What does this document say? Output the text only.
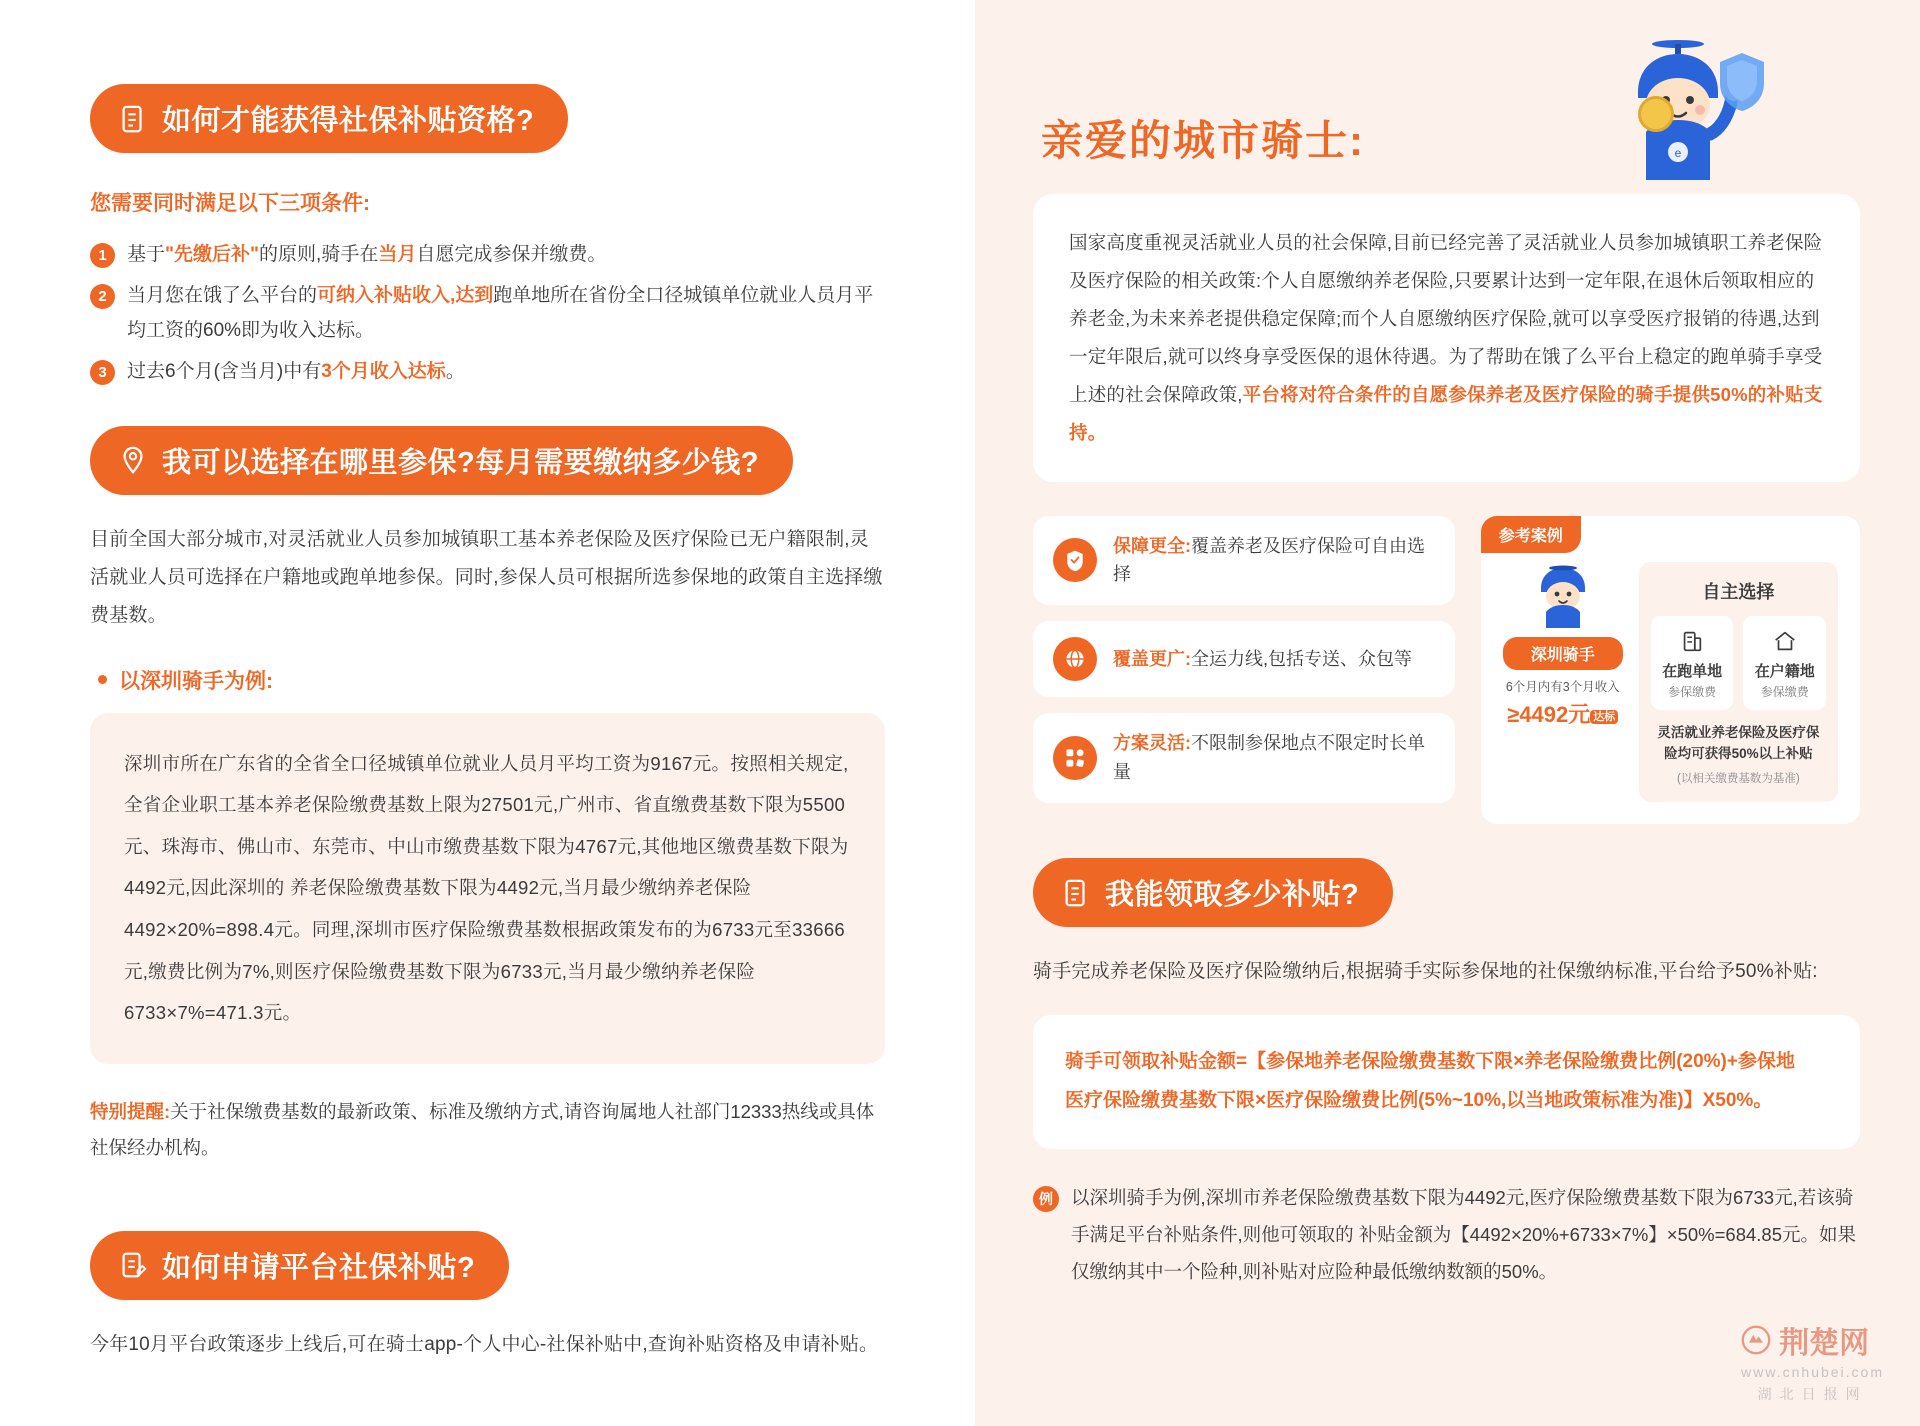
如何才能获得社保补贴资格?
您需要同时满足以下三项条件:
1	基于"先缴后补"的原则,骑手在当月自愿完成参保并缴费。
2	当月您在饿了么平台的可纳入补贴收入,达到跑单地所在省份全口径城镇单位就业人员月平均工资的60%即为收入达标。
3	过去6个月(含当月)中有3个月收入达标。
我可以选择在哪里参保?每月需要缴纳多少钱?

目前全国大部分城市,对灵活就业人员参加城镇职工基本养老保险及医疗保险已无户籍限制,灵活就业人员可选择在户籍地或跑单地参保。同时,参保人员可根据所选参保地的政策自主选择缴费基数。

以深圳骑手为例:
深圳市所在广东省的全省全口径城镇单位就业人员月平均工资为9167元。按照相关规定,全省企业职工基本养老保险缴费基数上限为27501元,广州市、省直缴费基数下限为5500元、珠海市、佛山市、东莞市、中山市缴费基数下限为4767元,其他地区缴费基数下限为4492元,因此深圳的 养老保险缴费基数下限为4492元,当月最少缴纳养老保险4492×20%=898.4元。同理,深圳市医疗保险缴费基数根据政策发布的为6733元至33666元,缴费比例为7%,则医疗保险缴费基数下限为6733元,当月最少缴纳养老保险6733×7%=471.3元。

特别提醒:关于社保缴费基数的最新政策、标准及缴纳方式,请咨询属地人社部门12333热线或具体社保经办机构。

如何申请平台社保补贴?

今年10月平台政策逐步上线后,可在骑士app-个人中心-社保补贴中,查询补贴资格及申请补贴。

e
亲爱的城市骑士:
国家高度重视灵活就业人员的社会保障,目前已经完善了灵活就业人员参加城镇职工养老保险及医疗保险的相关政策:个人自愿缴纳养老保险,只要累计达到一定年限,在退休后领取相应的养老金,为未来养老提供稳定保障;而个人自愿缴纳医疗保险,就可以享受医疗报销的待遇,达到一定年限后,就可以终身享受医保的退休待遇。为了帮助在饿了么平台上稳定的跑单骑手享受上述的社会保障政策,平台将对符合条件的自愿参保养老及医疗保险的骑手提供50%的补贴支持。
保障更全:覆盖养老及医疗保险可自由选择
覆盖更广:全运力线,包括专送、众包等
方案灵活:不限制参保地点不限定时长单量
参考案例
深圳骑手
6个月内有3个月收入
≥4492元 达标
自主选择
在跑单地
参保缴费
在户籍地
参保缴费
灵活就业养老保险及医疗保险均可获得50%以上补贴
(以相关缴费基数为基准)
我能领取多少补贴?

骑手完成养老保险及医疗保险缴纳后,根据骑手实际参保地的社保缴纳标准,平台给予50%补贴:

骑手可领取补贴金额=【参保地养老保险缴费基数下限×养老保险缴费比例(20%)+参保地
医疗保险缴费基数下限×医疗保险缴费比例(5%~10%,以当地政策标准为准)】X50%。
例 以深圳骑手为例,深圳市养老保险缴费基数下限为4492元,医疗保险缴费基数下限为6733元,若该骑手满足平台补贴条件,则他可领取的 补贴金额为【4492×20%+6733×7%】×50%=684.85元。如果仅缴纳其中一个险种,则补贴对应险种最低缴纳数额的50%。
荆楚网
www.cnhubei.com
湖北日报网
